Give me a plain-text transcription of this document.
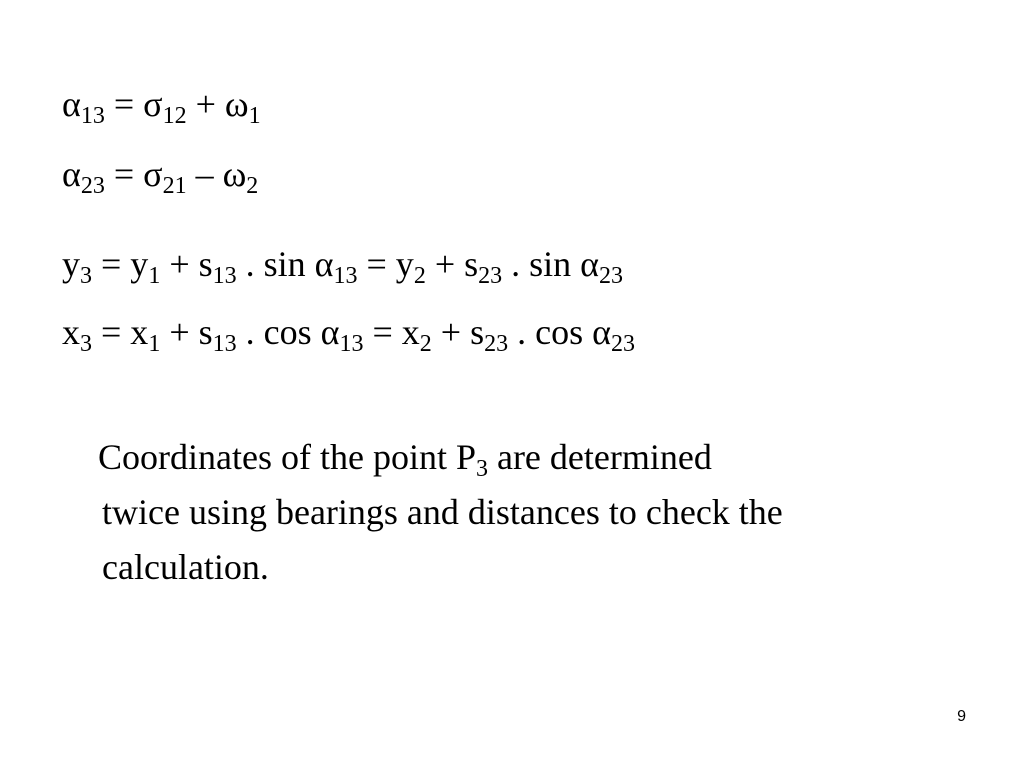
$\alpha_{13} = \sigma_{12} + \omega_1$
$\alpha_{23} = \sigma_{21} - \omega_2$
$y_3 = y_1 + s_{13}$ . $\sin \alpha_{13} = y_2 + s_{23}$ . $\sin \alpha_{23}$
$x_3 = x_1 + s_{13}$ . $\cos \alpha_{13} = x_2 + s_{23}$ . $\cos \alpha_{23}$
Coordinates of the point $P_3$ are determined
twice using bearings and distances to check the
calculation.
9
